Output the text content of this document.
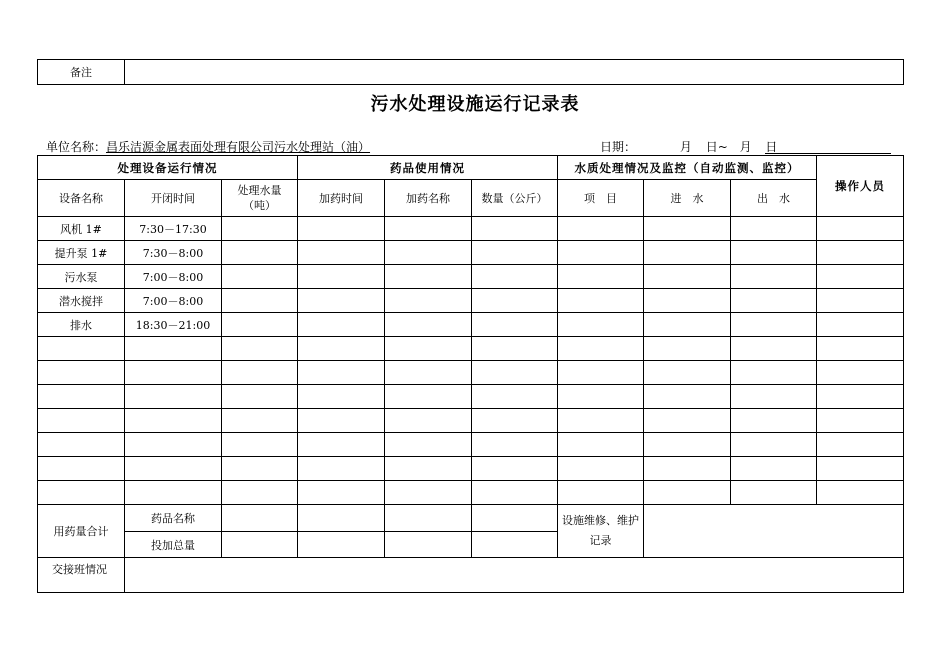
备注	
污水处理设施运行记录表
单位名称：昌乐洁源金属表面处理有限公司污水处理站（油）	日期：	月 日~ 月 日
处理设备运行情况			药品使用情况			水质处理情况及监控（自动监测、监控）			操作人员
设备名称	开闭时间	处理水量（吨）	加药时间	加药名称	数量（公斤）	项　目	进　水	出　水	
风机 1#	7:30－17:30								
提升泵 1#	7:30－8:00								
污水泵	7:00－8:00								
潜水搅拌	7:00－8:00								
排水	18:30－21:00								

用药量合计	药品名称					设施维修、维护记录			
	投加总量								
交接班情况									
